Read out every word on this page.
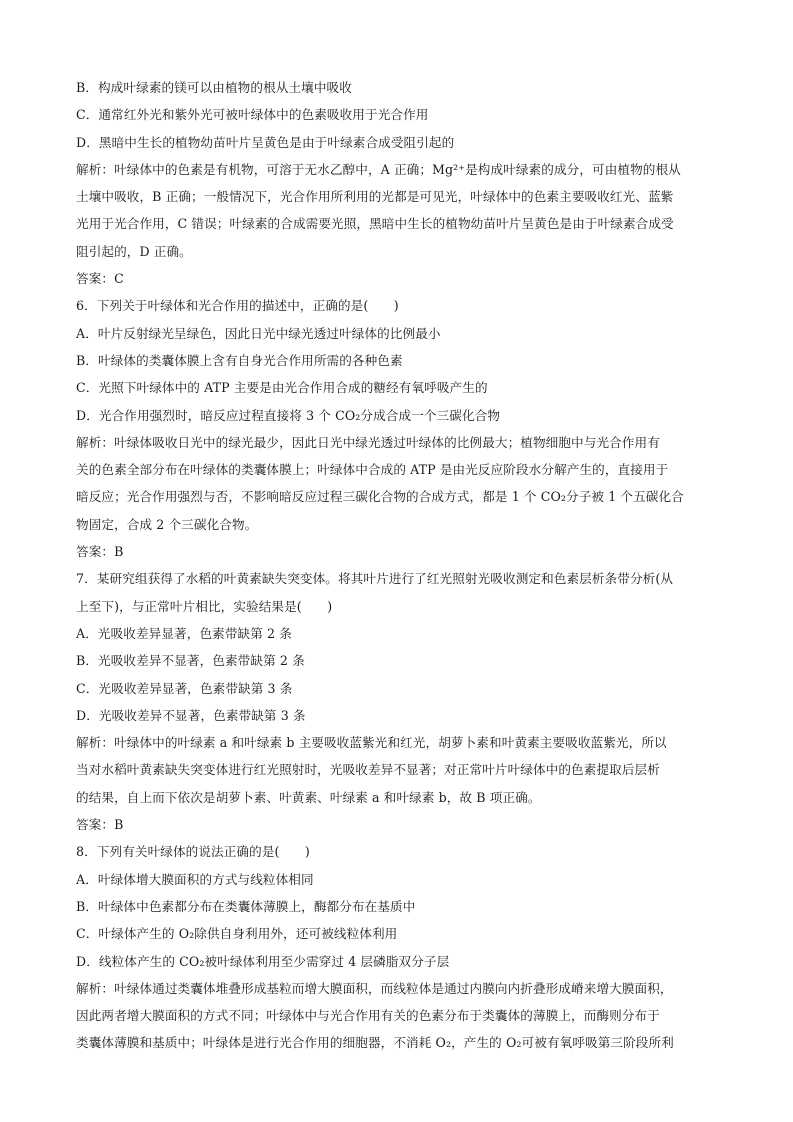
B．构成叶绿素的镁可以由植物的根从土壤中吸收
C．通常红外光和紫外光可被叶绿体中的色素吸收用于光合作用
D．黑暗中生长的植物幼苗叶片呈黄色是由于叶绿素合成受阻引起的
解析：叶绿体中的色素是有机物，可溶于无水乙醇中，A 正确；Mg²⁺是构成叶绿素的成分，可由植物的根从
土壤中吸收，B 正确；一般情况下，光合作用所利用的光都是可见光，叶绿体中的色素主要吸收红光、蓝紫
光用于光合作用，C 错误；叶绿素的合成需要光照，黑暗中生长的植物幼苗叶片呈黄色是由于叶绿素合成受
阻引起的，D 正确。
答案：C
6．下列关于叶绿体和光合作用的描述中，正确的是(　　)
A．叶片反射绿光呈绿色，因此日光中绿光透过叶绿体的比例最小
B．叶绿体的类囊体膜上含有自身光合作用所需的各种色素
C．光照下叶绿体中的 ATP 主要是由光合作用合成的糖经有氧呼吸产生的
D．光合作用强烈时，暗反应过程直接将 3 个 CO₂分成合成一个三碳化合物
解析：叶绿体吸收日光中的绿光最少，因此日光中绿光透过叶绿体的比例最大；植物细胞中与光合作用有
关的色素全部分布在叶绿体的类囊体膜上；叶绿体中合成的 ATP 是由光反应阶段水分解产生的，直接用于
暗反应；光合作用强烈与否，不影响暗反应过程三碳化合物的合成方式，都是 1 个 CO₂分子被 1 个五碳化合
物固定，合成 2 个三碳化合物。
答案：B
7．某研究组获得了水稻的叶黄素缺失突变体。将其叶片进行了红光照射光吸收测定和色素层析条带分析(从
上至下)，与正常叶片相比，实验结果是(　　)
A．光吸收差异显著，色素带缺第 2 条
B．光吸收差异不显著，色素带缺第 2 条
C．光吸收差异显著，色素带缺第 3 条
D．光吸收差异不显著，色素带缺第 3 条
解析：叶绿体中的叶绿素 a 和叶绿素 b 主要吸收蓝紫光和红光，胡萝卜素和叶黄素主要吸收蓝紫光，所以
当对水稻叶黄素缺失突变体进行红光照射时，光吸收差异不显著；对正常叶片叶绿体中的色素提取后层析
的结果，自上而下依次是胡萝卜素、叶黄素、叶绿素 a 和叶绿素 b，故 B 项正确。
答案：B
8．下列有关叶绿体的说法正确的是(　　)
A．叶绿体增大膜面积的方式与线粒体相同
B．叶绿体中色素都分布在类囊体薄膜上，酶都分布在基质中
C．叶绿体产生的 O₂除供自身利用外，还可被线粒体利用
D．线粒体产生的 CO₂被叶绿体利用至少需穿过 4 层磷脂双分子层
解析：叶绿体通过类囊体堆叠形成基粒而增大膜面积，而线粒体是通过内膜向内折叠形成嵴来增大膜面积，
因此两者增大膜面积的方式不同；叶绿体中与光合作用有关的色素分布于类囊体的薄膜上，而酶则分布于
类囊体薄膜和基质中；叶绿体是进行光合作用的细胞器，不消耗 O₂，产生的 O₂可被有氧呼吸第三阶段所利
